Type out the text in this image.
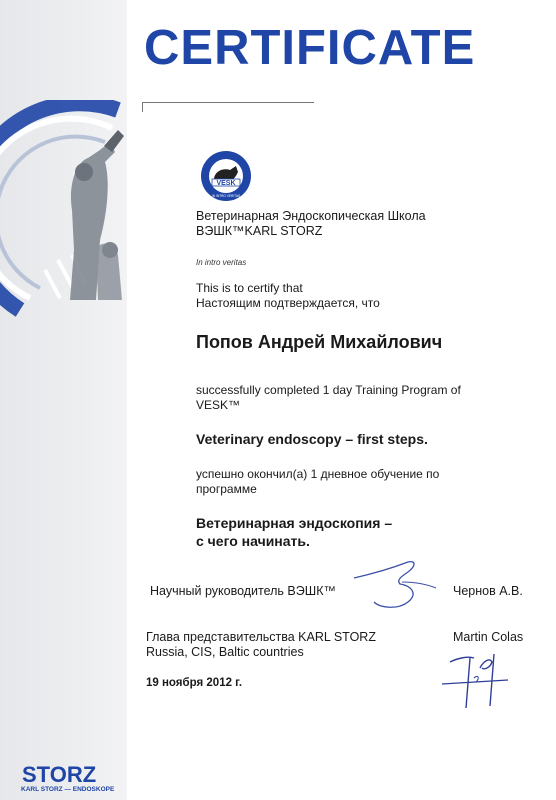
CERTIFICATE
VESK
IN INTRO VERITAS
Ветеринарная Эндоскопическая Школа
ВЭШК™KARL STORZ
In intro veritas
This is to certify that
Настоящим подтверждается, что
Попов Андрей Михайлович
successfully completed 1 day Training Program of
VESK™
Veterinary endoscopy – first steps.
успешно окончил(а) 1 дневное обучение по
программе
Ветеринарная эндоскопия –
с чего начинать.
Научный руководитель ВЭШК™	Чернов А.В.
Глава представительства KARL STORZ
Russia, CIS, Baltic countries
Martin Colas
19 ноября 2012 г.
STORZ
KARL STORZ — ENDOSKOPE
